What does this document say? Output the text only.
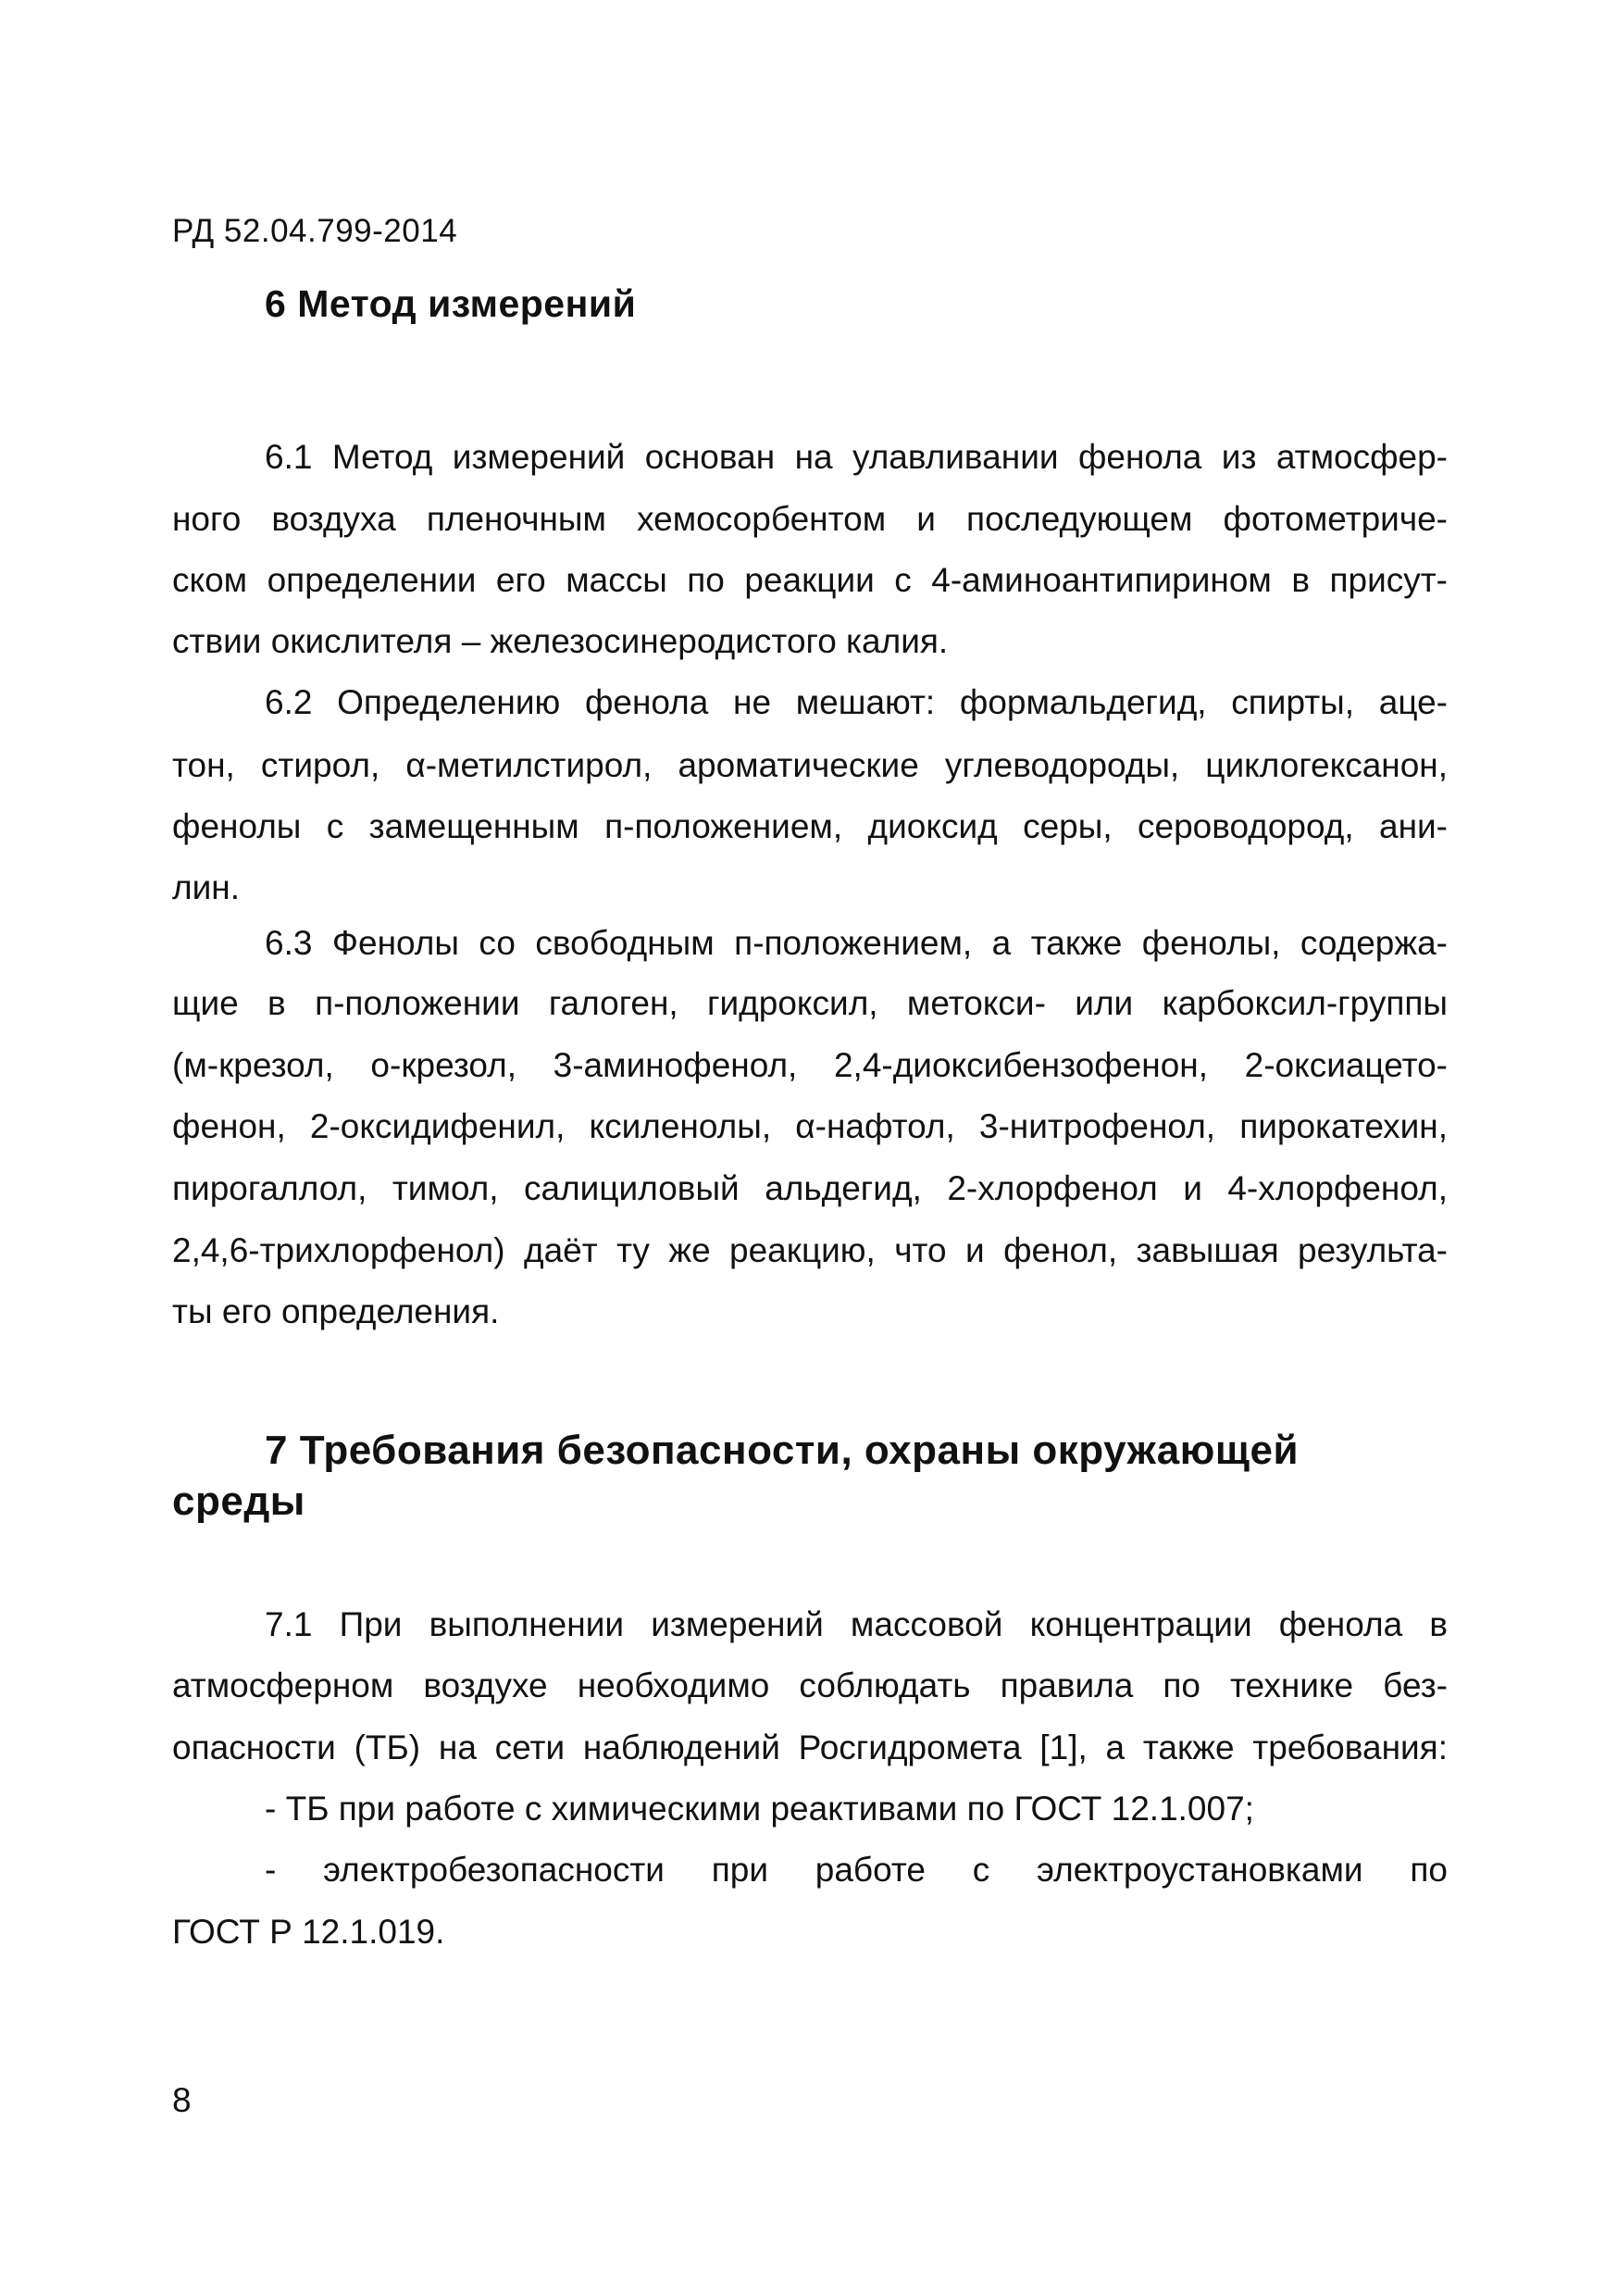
РД 52.04.799-2014
6 Метод измерений
6.1 Метод измерений основан на улавливании фенола из атмосфер-
ного воздуха пленочным хемосорбентом и последующем фотометриче-
ском определении его массы по реакции с 4-аминоантипирином в присут-
ствии окислителя – железосинеродистого калия.
6.2 Определению фенола не мешают: формальдегид, спирты, аце-
тон, стирол, α-метилстирол, ароматические углеводороды, циклогексанон,
фенолы с замещенным п-положением, диоксид серы, сероводород, ани-
лин.
6.3 Фенолы со свободным п-положением, а также фенолы, содержа-
щие в п-положении галоген, гидроксил, метокси- или карбоксил-группы
(м-крезол, о-крезол, 3-аминофенол, 2,4-диоксибензофенон, 2-оксиацето-
фенон, 2-оксидифенил, ксиленолы, α-нафтол, 3-нитрофенол, пирокатехин,
пирогаллол, тимол, салициловый альдегид, 2-хлорфенол и 4-хлорфенол,
2,4,6-трихлорфенол) даёт ту же реакцию, что и фенол, завышая результа-
ты его определения.
7 Требования безопасности, охраны окружающей
среды
7.1 При выполнении измерений массовой концентрации фенола в
атмосферном воздухе необходимо соблюдать правила по технике без-
опасности (ТБ) на сети наблюдений Росгидромета [1], а также требования:
- ТБ при работе с химическими реактивами по ГОСТ 12.1.007;
- электробезопасности при работе с электроустановками по
ГОСТ Р 12.1.019.
8
